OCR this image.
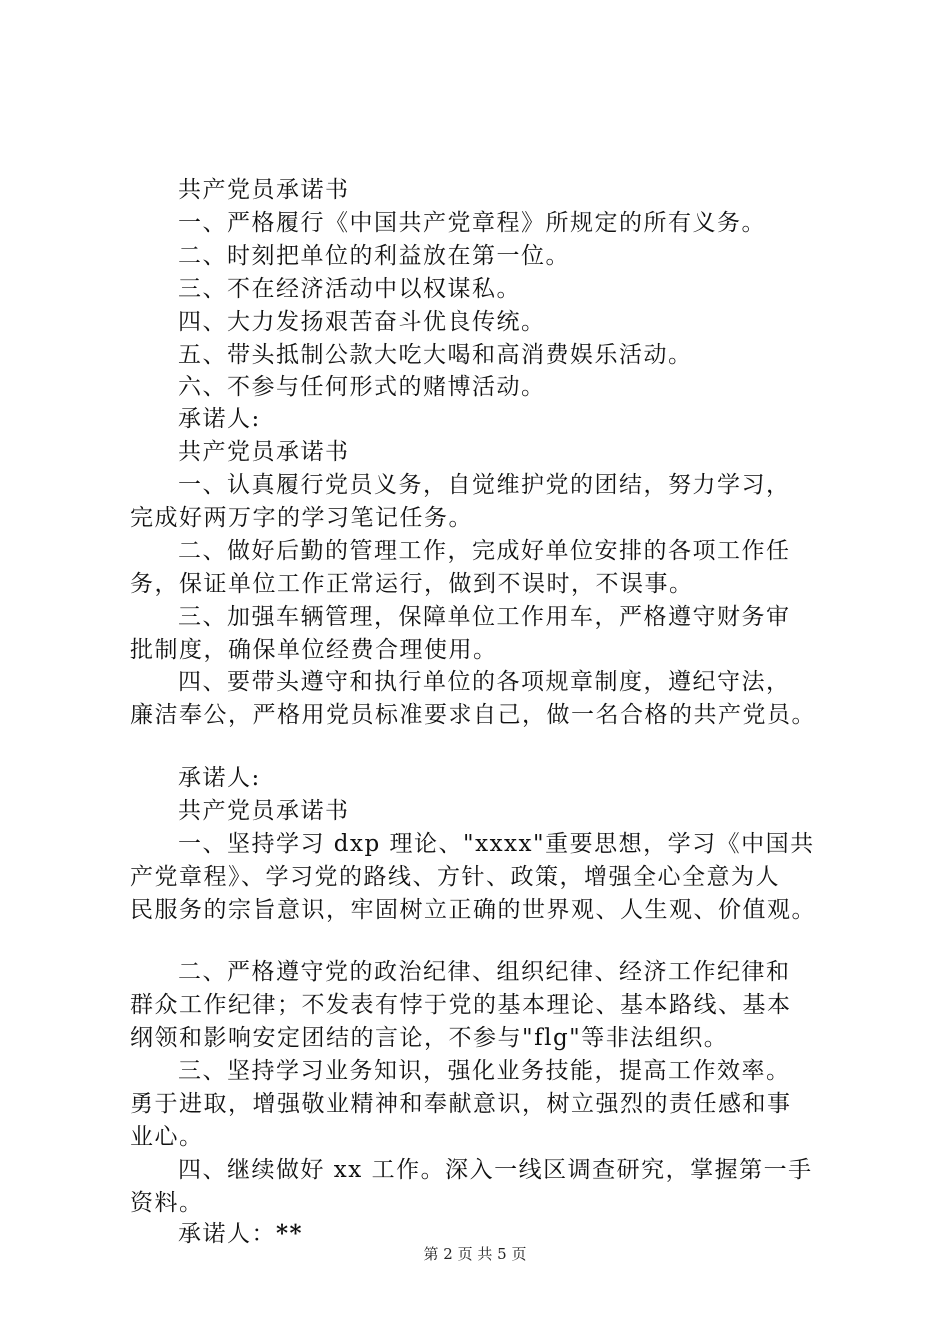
共产党员承诺书
一、严格履行《中国共产党章程》所规定的所有义务。
二、时刻把单位的利益放在第一位。
三、不在经济活动中以权谋私。
四、大力发扬艰苦奋斗优良传统。
五、带头抵制公款大吃大喝和高消费娱乐活动。
六、不参与任何形式的赌博活动。
承诺人:
共产党员承诺书
一、认真履行党员义务，自觉维护党的团结，努力学习，
完成好两万字的学习笔记任务。
二、做好后勤的管理工作，完成好单位安排的各项工作任
务，保证单位工作正常运行，做到不误时，不误事。
三、加强车辆管理，保障单位工作用车，严格遵守财务审
批制度，确保单位经费合理使用。
四、要带头遵守和执行单位的各项规章制度，遵纪守法，
廉洁奉公，严格用党员标准要求自己，做一名合格的共产党员。
承诺人:
共产党员承诺书
一、坚持学习 dxp 理论、"xxxx"重要思想，学习《中国共
产党章程》、学习党的路线、方针、政策，增强全心全意为人
民服务的宗旨意识，牢固树立正确的世界观、人生观、价值观。
二、严格遵守党的政治纪律、组织纪律、经济工作纪律和
群众工作纪律；不发表有悖于党的基本理论、基本路线、基本
纲领和影响安定团结的言论，不参与"flg"等非法组织。
三、坚持学习业务知识，强化业务技能，提高工作效率。
勇于进取，增强敬业精神和奉献意识，树立强烈的责任感和事
业心。
四、继续做好 xx 工作。深入一线区调查研究，掌握第一手
资料。
承诺人：**
第 2 页 共 5 页
